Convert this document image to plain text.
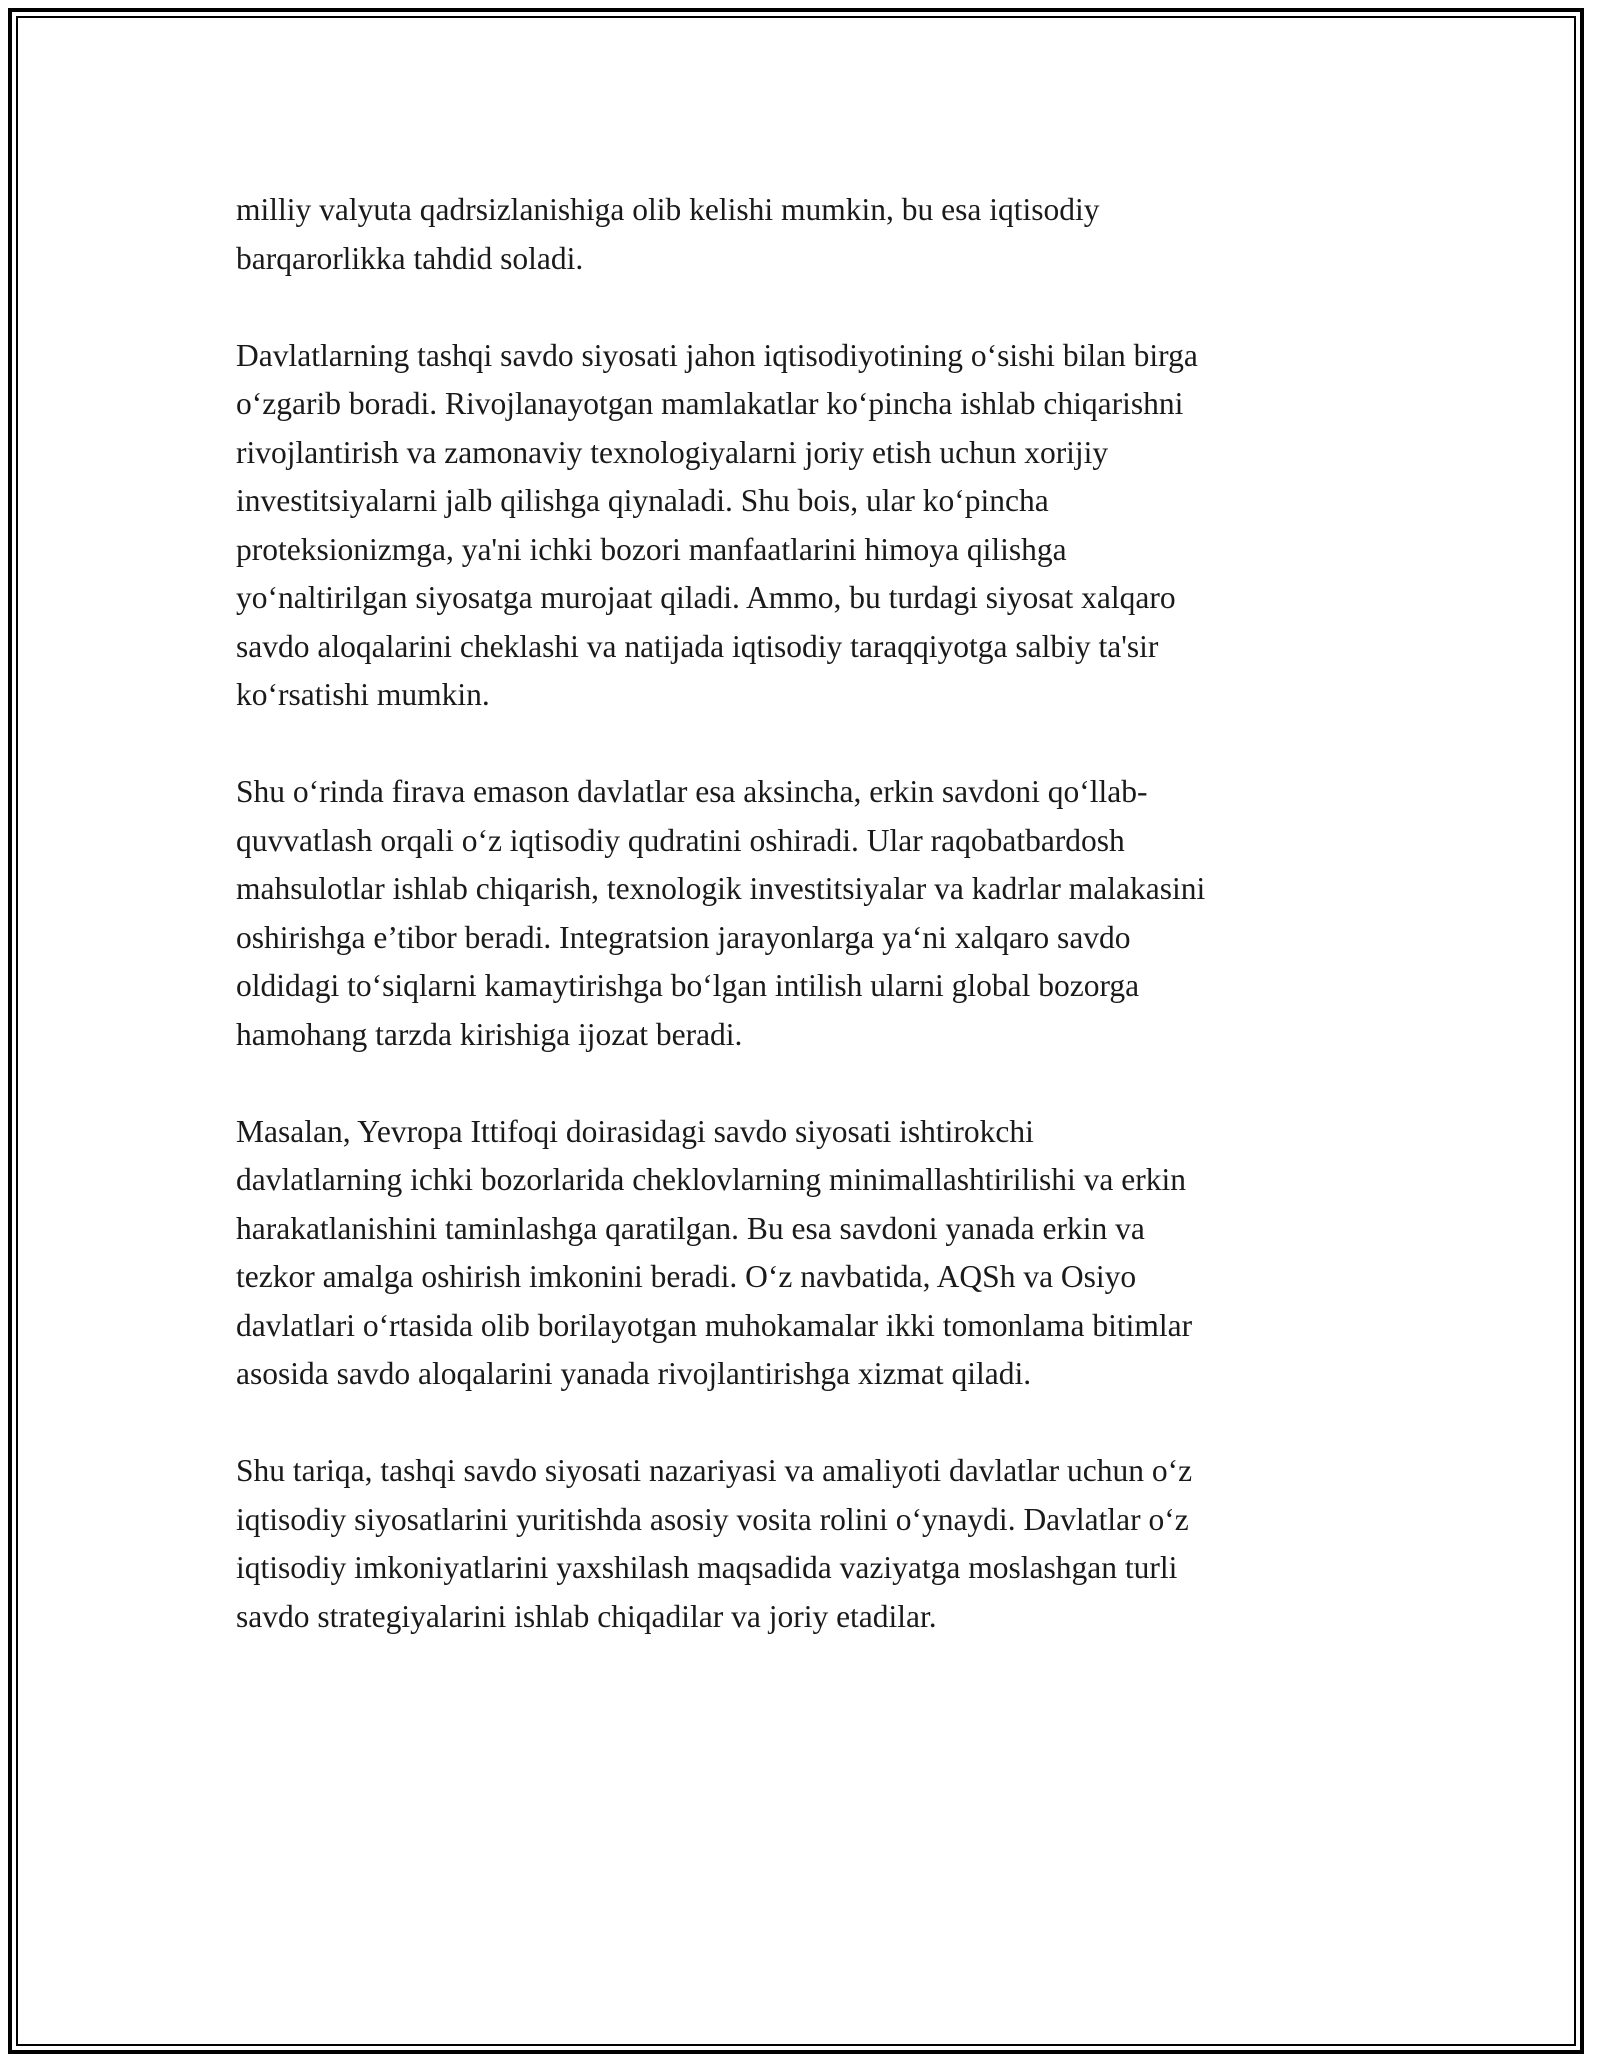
milliy valyuta qadrsizlanishiga olib kelishi mumkin, bu esa iqtisodiy
barqarorlikka tahdid soladi.

Davlatlarning tashqi savdo siyosati jahon iqtisodiyotining o‘sishi bilan birga
o‘zgarib boradi. Rivojlanayotgan mamlakatlar ko‘pincha ishlab chiqarishni
rivojlantirish va zamonaviy texnologiyalarni joriy etish uchun xorijiy
investitsiyalarni jalb qilishga qiynaladi. Shu bois, ular ko‘pincha
proteksionizmga, ya'ni ichki bozori manfaatlarini himoya qilishga
yo‘naltirilgan siyosatga murojaat qiladi. Ammo, bu turdagi siyosat xalqaro
savdo aloqalarini cheklashi va natijada iqtisodiy taraqqiyotga salbiy ta'sir
ko‘rsatishi mumkin.

Shu o‘rinda firava emason davlatlar esa aksincha, erkin savdoni qo‘llab-
quvvatlash orqali o‘z iqtisodiy qudratini oshiradi. Ular raqobatbardosh
mahsulotlar ishlab chiqarish, texnologik investitsiyalar va kadrlar malakasini
oshirishga e’tibor beradi. Integratsion jarayonlarga ya‘ni xalqaro savdo
oldidagi to‘siqlarni kamaytirishga bo‘lgan intilish ularni global bozorga
hamohang tarzda kirishiga ijozat beradi.

Masalan, Yevropa Ittifoqi doirasidagi savdo siyosati ishtirokchi
davlatlarning ichki bozorlarida cheklovlarning minimallashtirilishi va erkin
harakatlanishini taminlashga qaratilgan. Bu esa savdoni yanada erkin va
tezkor amalga oshirish imkonini beradi. O‘z navbatida, AQSh va Osiyo
davlatlari o‘rtasida olib borilayotgan muhokamalar ikki tomonlama bitimlar
asosida savdo aloqalarini yanada rivojlantirishga xizmat qiladi.

Shu tariqa, tashqi savdo siyosati nazariyasi va amaliyoti davlatlar uchun o‘z
iqtisodiy siyosatlarini yuritishda asosiy vosita rolini o‘ynaydi. Davlatlar o‘z
iqtisodiy imkoniyatlarini yaxshilash maqsadida vaziyatga moslashgan turli
savdo strategiyalarini ishlab chiqadilar va joriy etadilar.
